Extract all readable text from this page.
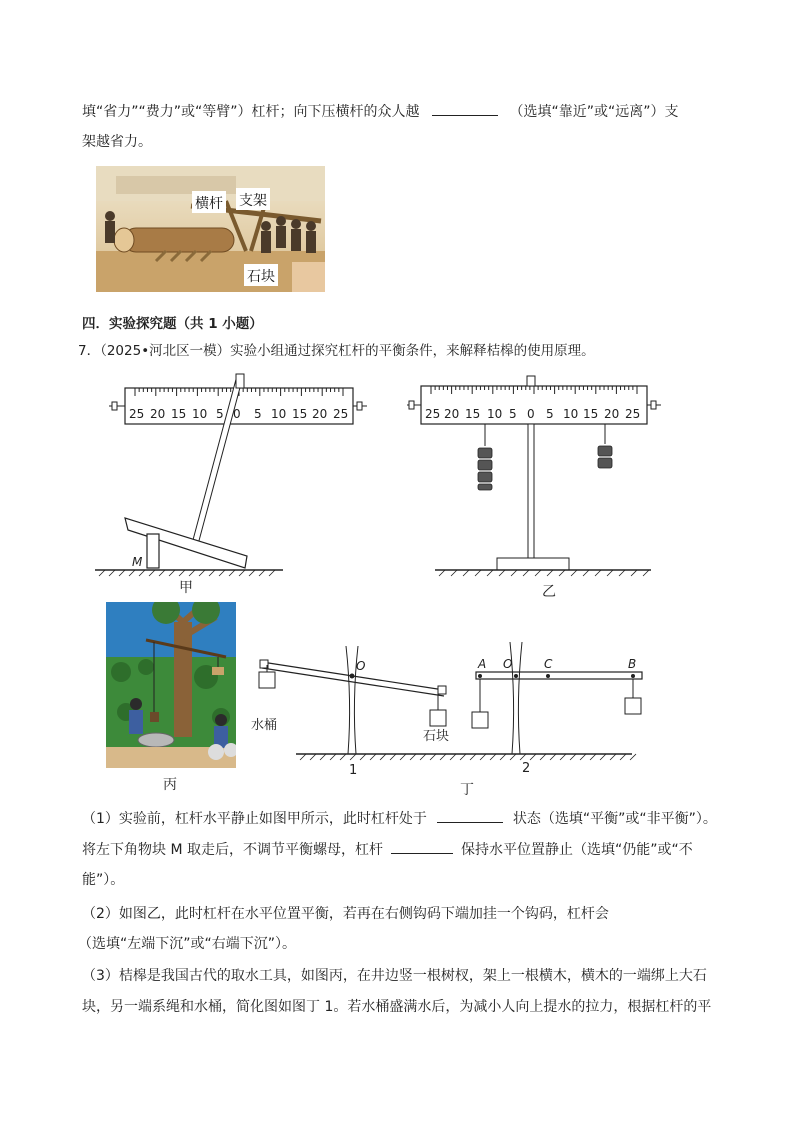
填“省力”“费力”或“等臂”）杠杆；向下压横杆的众人越	（选填“靠近”或“远离”）支
架越省力。
横杆 支架
石块
四．实验探究题（共 1 小题）
7．（2025•河北区一模）实验小组通过探究杠杆的平衡条件，来解释桔槔的使用原理。
25 20 15 10 5 0 5 10 15 20 25
M
甲
25 20 15 10 5 0 5 10 15 20 25
乙
丙
O
水桶
石块
1
A O	C	B
2
丁
（1）实验前，杠杆水平静止如图甲所示，此时杠杆处于	状态（选填“平衡”或“非平衡”）。
将左下角物块 M 取走后，不调节平衡螺母，杠杆	保持水平位置静止（选填“仍能”或“不
能”）。
（2）如图乙，此时杠杆在水平位置平衡，若再在右侧钩码下端加挂一个钩码，杠杆会
（选填“左端下沉”或“右端下沉”）。
（3）桔槔是我国古代的取水工具，如图丙，在井边竖一根树杈，架上一根横木，横木的一端绑上大石
块，另一端系绳和水桶，简化图如图丁 1。若水桶盛满水后，为减小人向上提水的拉力，根据杠杆的平
